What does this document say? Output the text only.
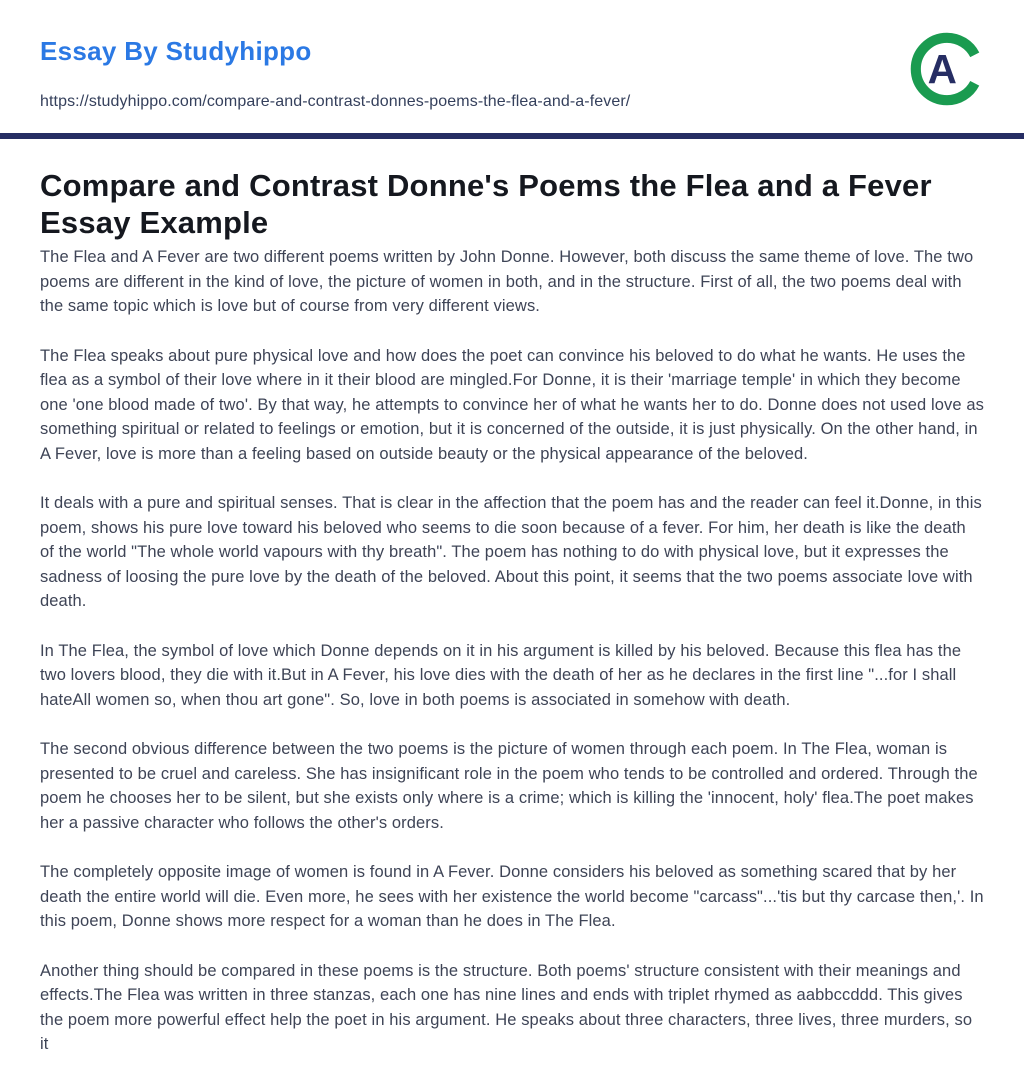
Essay By Studyhippo
https://studyhippo.com/compare-and-contrast-donnes-poems-the-flea-and-a-fever/
A
Compare and Contrast Donne's Poems the Flea and a Fever Essay Example

The Flea and A Fever are two different poems written by John Donne. However, both discuss the same theme of love. The two poems are different in the kind of love, the picture of women in both, and in the structure. First of all, the two poems deal with the same topic which is love but of course from very different views.

The Flea speaks about pure physical love and how does the poet can convince his beloved to do what he wants. He uses the flea as a symbol of their love where in it their blood are mingled.For Donne, it is their 'marriage temple' in which they become one 'one blood made of two'. By that way, he attempts to convince her of what he wants her to do. Donne does not used love as something spiritual or related to feelings or emotion, but it is concerned of the outside, it is just physically. On the other hand, in A Fever, love is more than a feeling based on outside beauty or the physical appearance of the beloved.

It deals with a pure and spiritual senses. That is clear in the affection that the poem has and the reader can feel it.Donne, in this poem, shows his pure love toward his beloved who seems to die soon because of a fever. For him, her death is like the death of the world "The whole world vapours with thy breath". The poem has nothing to do with physical love, but it expresses the sadness of loosing the pure love by the death of the beloved. About this point, it seems that the two poems associate love with death.

In The Flea, the symbol of love which Donne depends on it in his argument is killed by his beloved. Because this flea has the two lovers blood, they die with it.But in A Fever, his love dies with the death of her as he declares in the first line "...for I shall hateAll women so, when thou art gone". So, love in both poems is associated in somehow with death.

The second obvious difference between the two poems is the picture of women through each poem. In The Flea, woman is presented to be cruel and careless. She has insignificant role in the poem who tends to be controlled and ordered. Through the poem he chooses her to be silent, but she exists only where is a crime; which is killing the 'innocent, holy' flea.The poet makes her a passive character who follows the other's orders.

The completely opposite image of women is found in A Fever. Donne considers his beloved as something scared that by her death the entire world will die. Even more, he sees with her existence the world become "carcass"...'tis but thy carcase then,'. In this poem, Donne shows more respect for a woman than he does in The Flea.

Another thing should be compared in these poems is the structure. Both poems' structure consistent with their meanings and effects.The Flea was written in three stanzas, each one has nine lines and ends with triplet rhymed as aabbccddd. This gives the poem more powerful effect help the poet in his argument. He speaks about three characters, three lives, three murders, so it
